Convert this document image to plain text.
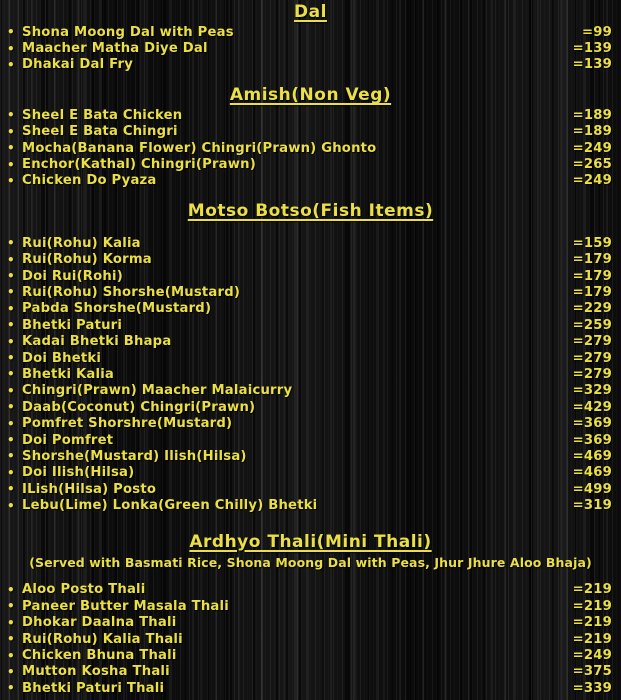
Dal
• Shona Moong Dal with Peas	=99
• Maacher Matha Diye Dal	=139
• Dhakai Dal Fry	=139
Amish(Non Veg)
• Sheel E Bata Chicken	=189
• Sheel E Bata Chingri	=189
• Mocha(Banana Flower) Chingri(Prawn) Ghonto	=249
• Enchor(Kathal) Chingri(Prawn)	=265
• Chicken Do Pyaza	=249
Motso Botso(Fish Items)
• Rui(Rohu) Kalia	=159
• Rui(Rohu) Korma	=179
• Doi Rui(Rohi)	=179
• Rui(Rohu) Shorshe(Mustard)	=179
• Pabda Shorshe(Mustard)	=229
• Bhetki Paturi	=259
• Kadai Bhetki Bhapa	=279
• Doi Bhetki	=279
• Bhetki Kalia	=279
• Chingri(Prawn) Maacher Malaicurry	=329
• Daab(Coconut) Chingri(Prawn)	=429
• Pomfret Shorshre(Mustard)	=369
• Doi Pomfret	=369
• Shorshe(Mustard) Ilish(Hilsa)	=469
• Doi Ilish(Hilsa)	=469
• ILish(Hilsa) Posto	=499
• Lebu(Lime) Lonka(Green Chilly) Bhetki	=319
Ardhyo Thali(Mini Thali)
(Served with Basmati Rice, Shona Moong Dal with Peas, Jhur Jhure Aloo Bhaja)
• Aloo Posto Thali	=219
• Paneer Butter Masala Thali	=219
• Dhokar Daalna Thali	=219
• Rui(Rohu) Kalia Thali	=219
• Chicken Bhuna Thali	=249
• Mutton Kosha Thali	=375
• Bhetki Paturi Thali	=339
